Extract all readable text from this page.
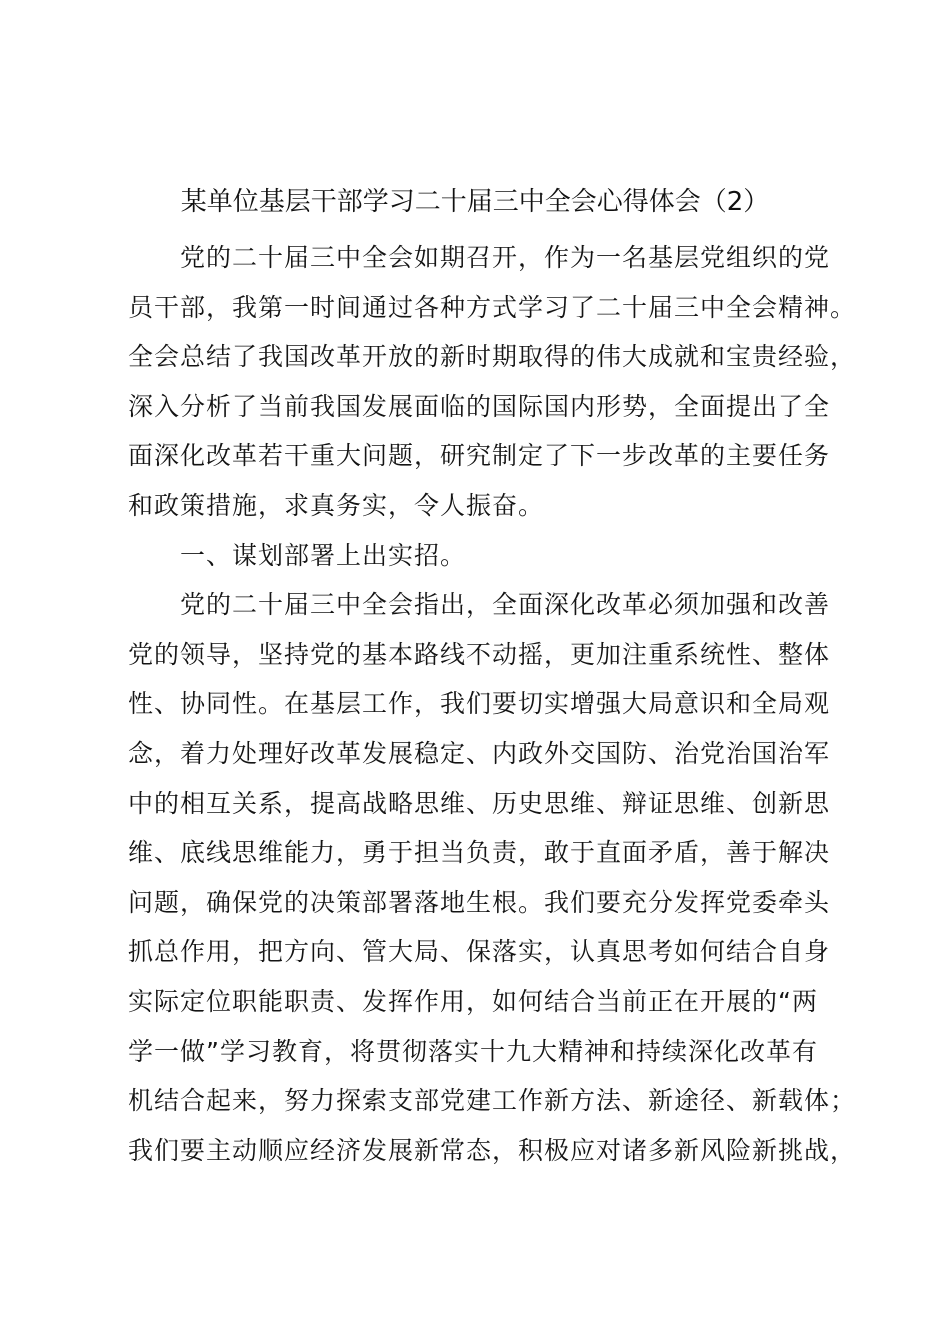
某单位基层干部学习二十届三中全会心得体会（2）
　　党的二十届三中全会如期召开，作为一名基层党组织的党
员干部，我第一时间通过各种方式学习了二十届三中全会精神。
全会总结了我国改革开放的新时期取得的伟大成就和宝贵经验，
深入分析了当前我国发展面临的国际国内形势，全面提出了全
面深化改革若干重大问题，研究制定了下一步改革的主要任务
和政策措施，求真务实，令人振奋。
　　一、谋划部署上出实招。
　　党的二十届三中全会指出，全面深化改革必须加强和改善
党的领导，坚持党的基本路线不动摇，更加注重系统性、整体
性、协同性。在基层工作，我们要切实增强大局意识和全局观
念，着力处理好改革发展稳定、内政外交国防、治党治国治军
中的相互关系，提高战略思维、历史思维、辩证思维、创新思
维、底线思维能力，勇于担当负责，敢于直面矛盾，善于解决
问题，确保党的决策部署落地生根。我们要充分发挥党委牵头
抓总作用，把方向、管大局、保落实，认真思考如何结合自身
实际定位职能职责、发挥作用，如何结合当前正在开展的“两
学一做”学习教育，将贯彻落实十九大精神和持续深化改革有
机结合起来，努力探索支部党建工作新方法、新途径、新载体；
我们要主动顺应经济发展新常态，积极应对诸多新风险新挑战，
